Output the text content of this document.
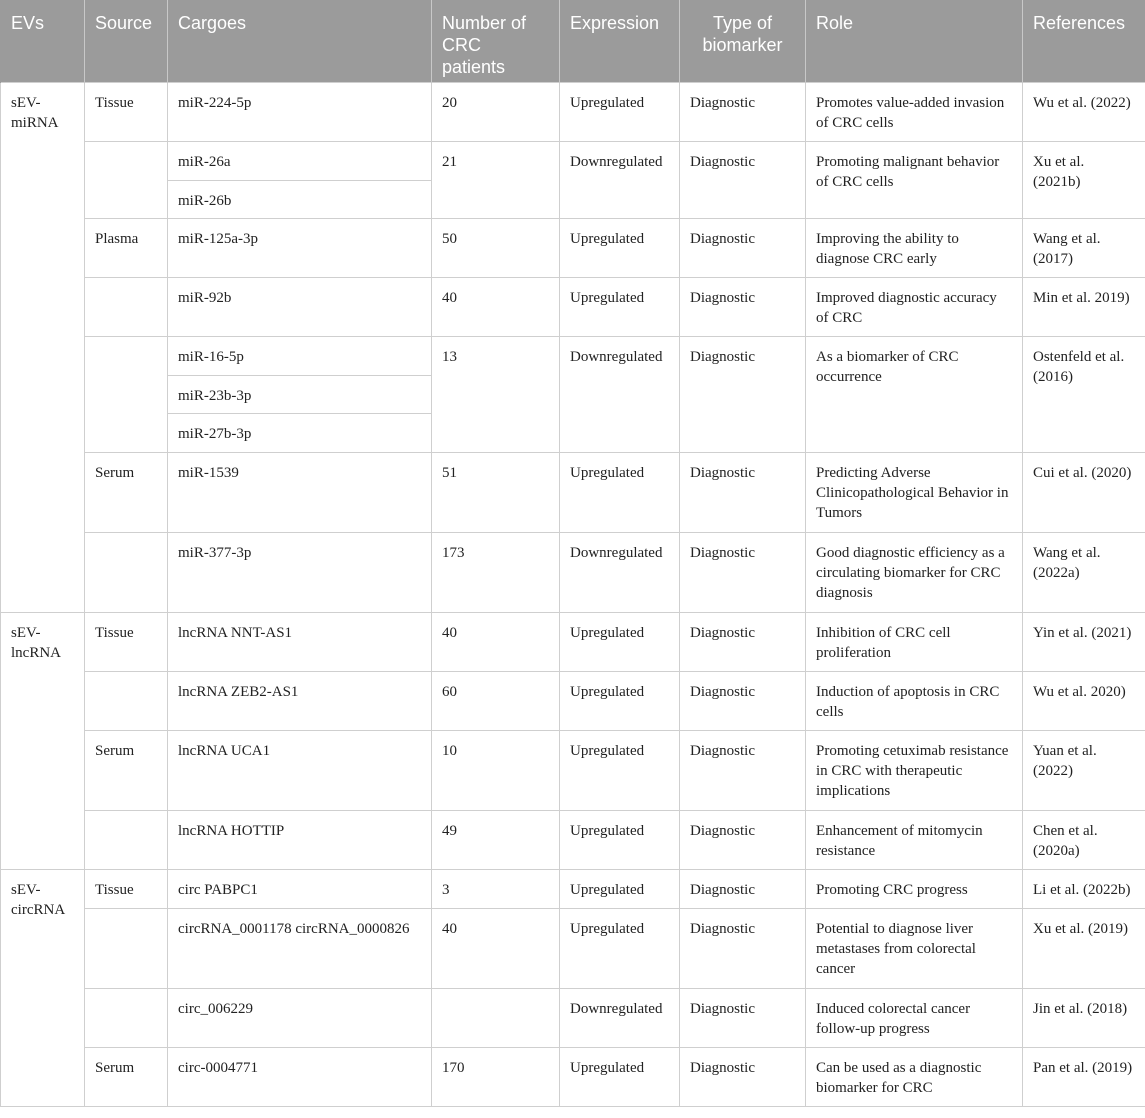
EVs	Source	Cargoes	Number of CRC patients	Expression	Type of biomarker	Role	References
sEV-miRNA	Tissue	miR-224-5p	20	Upregulated	Diagnostic	Promotes value-added invasion of CRC cells	Wu et al. (2022)
		miR-26a	21	Downregulated	Diagnostic	Promoting malignant behavior of CRC cells	Xu et al. (2021b)
		miR-26b					
	Plasma	miR-125a-3p	50	Upregulated	Diagnostic	Improving the ability to diagnose CRC early	Wang et al. (2017)
		miR-92b	40	Upregulated	Diagnostic	Improved diagnostic accuracy of CRC	Min et al. 2019)
		miR-16-5p	13	Downregulated	Diagnostic	As a biomarker of CRC occurrence	Ostenfeld et al. (2016)
		miR-23b-3p					
		miR-27b-3p					
	Serum	miR-1539	51	Upregulated	Diagnostic	Predicting Adverse Clinicopathological Behavior in Tumors	Cui et al. (2020)
		miR-377-3p	173	Downregulated	Diagnostic	Good diagnostic efficiency as a circulating biomarker for CRC diagnosis	Wang et al. (2022a)
sEV-lncRNA	Tissue	lncRNA NNT-AS1	40	Upregulated	Diagnostic	Inhibition of CRC cell proliferation	Yin et al. (2021)
		lncRNA ZEB2-AS1	60	Upregulated	Diagnostic	Induction of apoptosis in CRC cells	Wu et al. 2020)
	Serum	lncRNA UCA1	10	Upregulated	Diagnostic	Promoting cetuximab resistance in CRC with therapeutic implications	Yuan et al. (2022)
		lncRNA HOTTIP	49	Upregulated	Diagnostic	Enhancement of mitomycin resistance	Chen et al. (2020a)
sEV-circRNA	Tissue	circ PABPC1	3	Upregulated	Diagnostic	Promoting CRC progress	Li et al. (2022b)
		circRNA_0001178 circRNA_0000826	40	Upregulated	Diagnostic	Potential to diagnose liver metastases from colorectal cancer	Xu et al. (2019)
		circ_006229		Downregulated	Diagnostic	Induced colorectal cancer follow-up progress	Jin et al. (2018)
	Serum	circ-0004771	170	Upregulated	Diagnostic	Can be used as a diagnostic biomarker for CRC	Pan et al. (2019)
